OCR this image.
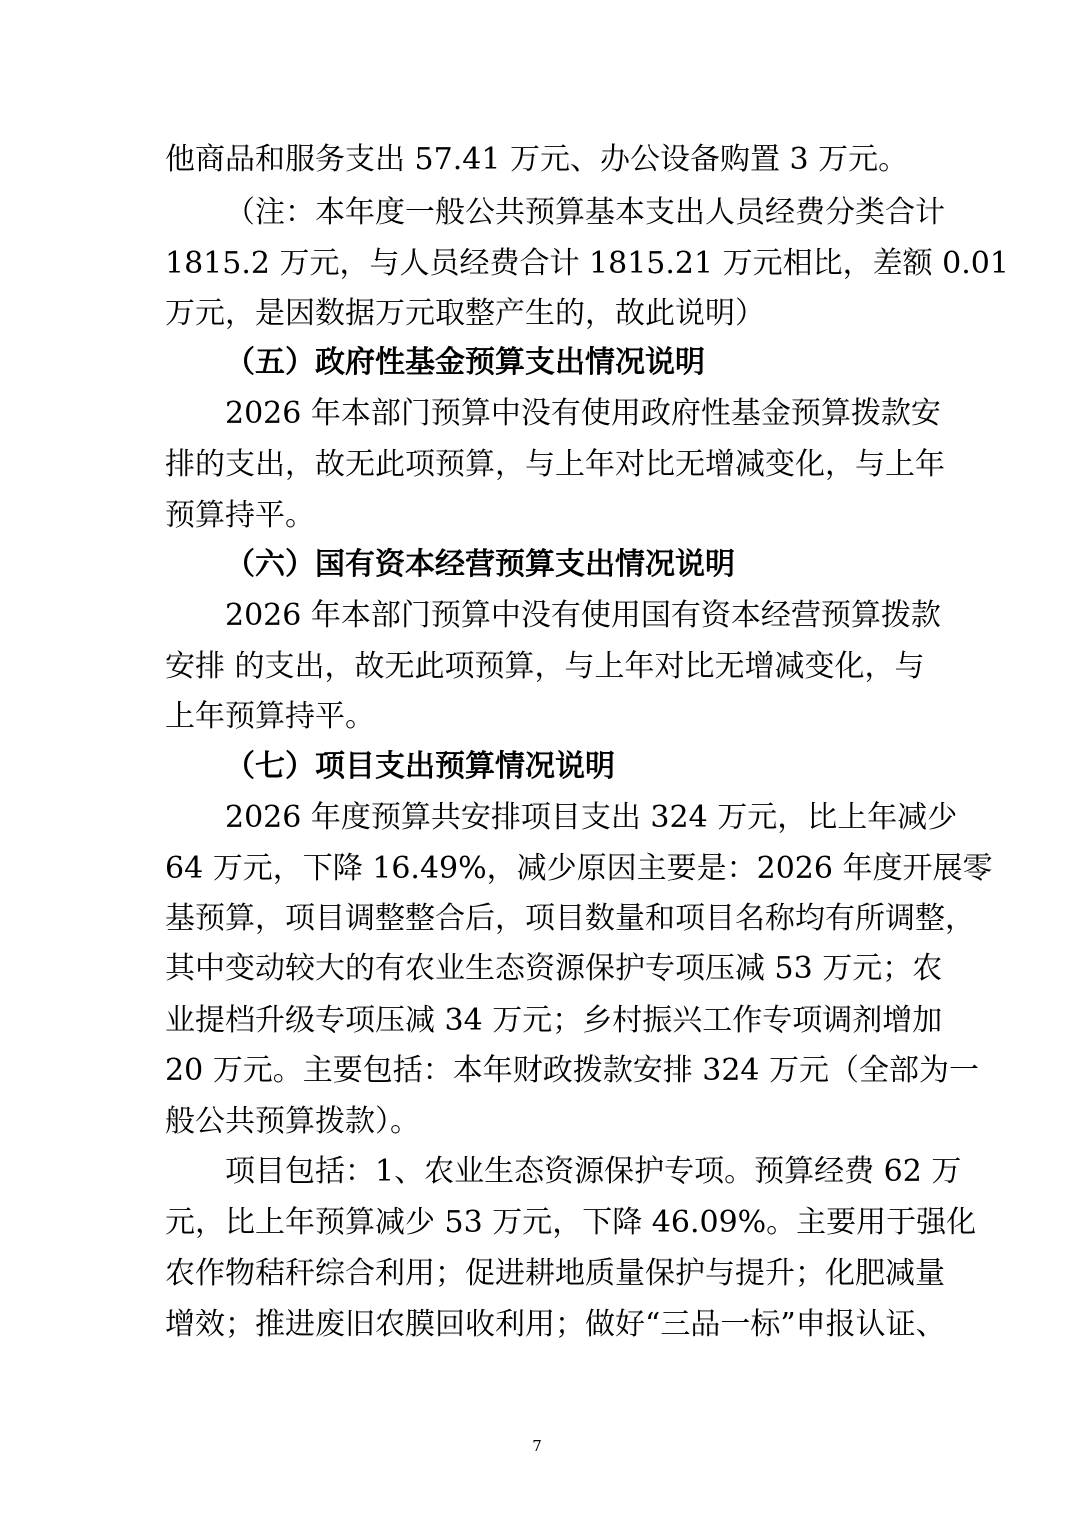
他商品和服务支出 57.41 万元、办公设备购置 3 万元。

（注：本年度一般公共预算基本支出人员经费分类合计

1815.2 万元，与人员经费合计 1815.21 万元相比，差额 0.01

万元，是因数据万元取整产生的，故此说明）

（五）政府性基金预算支出情况说明

2026 年本部门预算中没有使用政府性基金预算拨款安

排的支出，故无此项预算，与上年对比无增减变化，与上年

预算持平。

（六）国有资本经营预算支出情况说明

2026 年本部门预算中没有使用国有资本经营预算拨款

安排 的支出，故无此项预算，与上年对比无增减变化，与

上年预算持平。

（七）项目支出预算情况说明

2026 年度预算共安排项目支出 324 万元，比上年减少

64 万元，下降 16.49%，减少原因主要是：2026 年度开展零

基预算，项目调整整合后，项目数量和项目名称均有所调整，

其中变动较大的有农业生态资源保护专项压减 53 万元；农

业提档升级专项压减 34 万元；乡村振兴工作专项调剂增加

20 万元。主要包括：本年财政拨款安排 324 万元（全部为一

般公共预算拨款）。

项目包括：1、农业生态资源保护专项。预算经费 62 万

元，比上年预算减少 53 万元，下降 46.09%。主要用于强化

农作物秸秆综合利用；促进耕地质量保护与提升；化肥减量

增效；推进废旧农膜回收利用；做好“三品一标”申报认证、

7
